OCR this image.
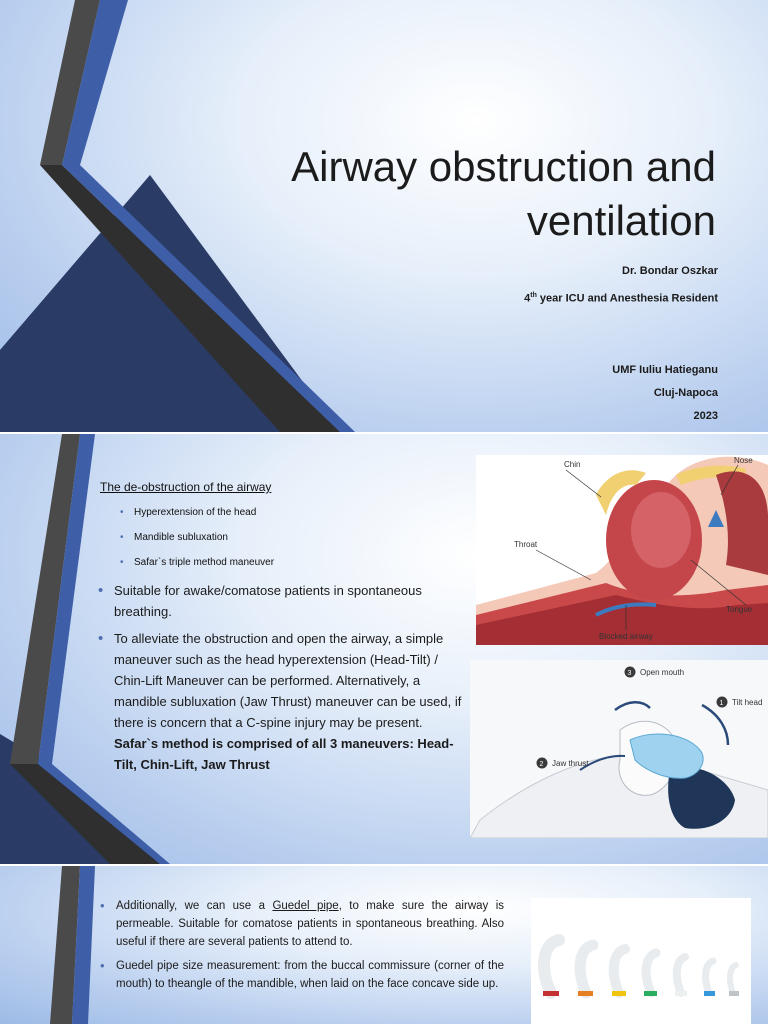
Airway obstruction and
ventilation
Dr. Bondar Oszkar
4th year ICU and Anesthesia Resident
UMF Iuliu Hatieganu
Cluj-Napoca
2023
The de-obstruction of the airway
• Hyperextension of the head
• Mandible subluxation
• Safar`s triple method maneuver
• Suitable for awake/comatose patients in spontaneous breathing.
• To alleviate the obstruction and open the airway, a simple maneuver such as the head hyperextension (Head-Tilt) / Chin-Lift Maneuver can be performed. Alternatively, a mandible subluxation (Jaw Thrust) maneuver can be used, if there is concern that a C-spine injury may be present.
Safar`s method is comprised of all 3 maneuvers: Head-Tilt, Chin-Lift, Jaw Thrust
Chin	Nose
Throat
Tongue
Blocked airway
3 Open mouth
1 Tilt head
2 Jaw thrust
• Additionally, we can use a Guedel pipe, to make sure the airway is permeable. Suitable for comatose patients in spontaneous breathing. Also useful if there are several patients to attend to.
• Guedel pipe size measurement: from the buccal commissure (corner of the mouth) to theangle of the mandible, when laid on the face concave side up.
